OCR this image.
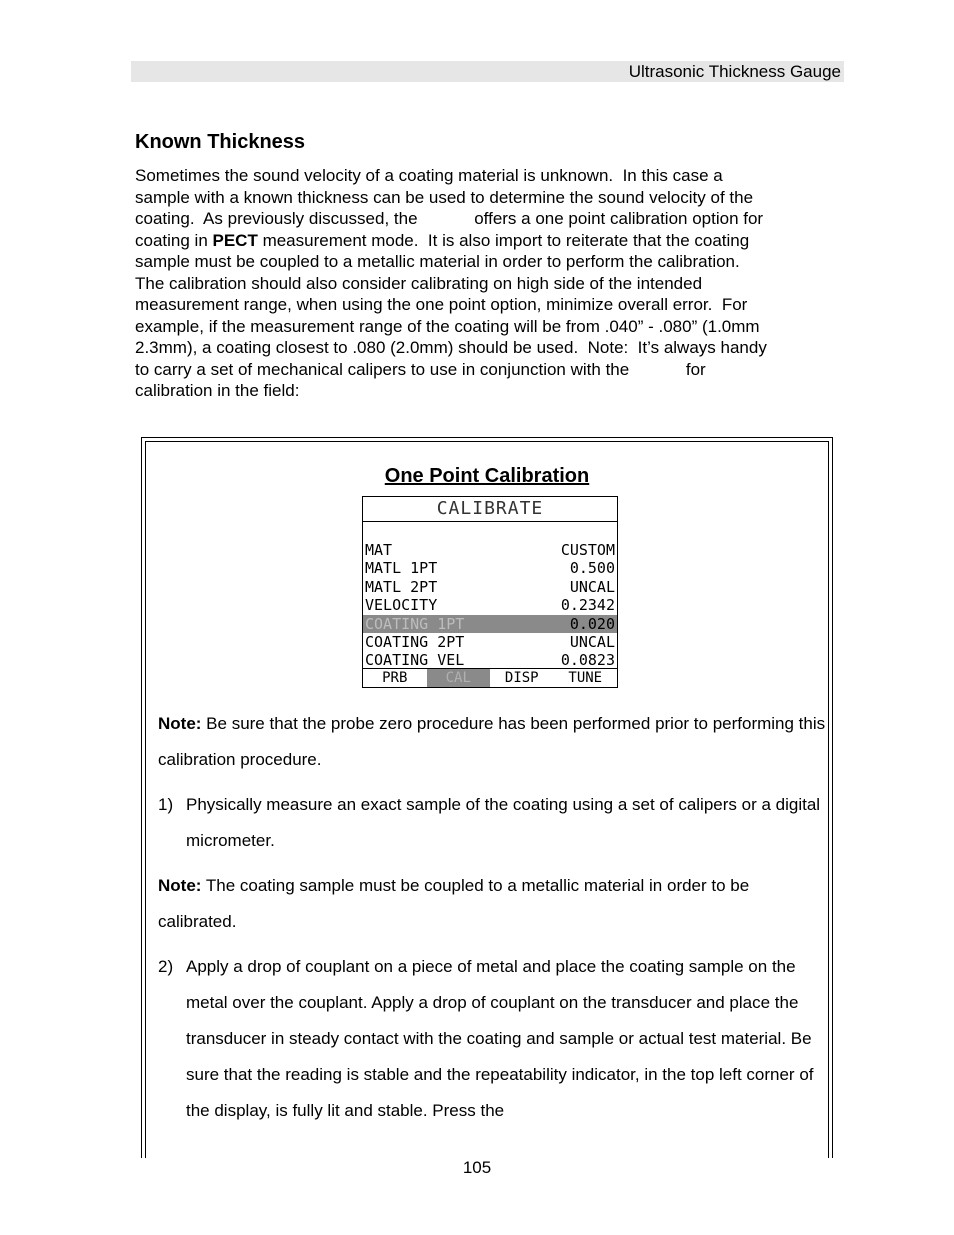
Ultrasonic Thickness Gauge
Known Thickness
Sometimes the sound velocity of a coating material is unknown.  In this case a
sample with a known thickness can be used to determine the sound velocity of the
coating.  As previously discussed, the            offers a one point calibration option for
coating in PECT measurement mode.  It is also import to reiterate that the coating
sample must be coupled to a metallic material in order to perform the calibration.
The calibration should also consider calibrating on high side of the intended
measurement range, when using the one point option, minimize overall error.  For
example, if the measurement range of the coating will be from .040” - .080” (1.0mm
2.3mm), a coating closest to .080 (2.0mm) should be used.  Note:  It’s always handy
to carry a set of mechanical calipers to use in conjunction with the            for
calibration in the field:
One Point Calibration
CALIBRATE
MAT	CUSTOM
MATL 1PT	0.500
MATL 2PT	UNCAL
VELOCITY	0.2342
COATING 1PT	0.020
COATING 2PT	UNCAL
COATING VEL	0.0823
PRB	CAL	DISP	TUNE
Note: Be sure that the probe zero procedure has been performed prior to performing this calibration procedure.
1) Physically measure an exact sample of the coating using a set of calipers or a digital micrometer.
Note: The coating sample must be coupled to a metallic material in order to be calibrated.
2) Apply a drop of couplant on a piece of metal and place the coating sample on the metal over the couplant. Apply a drop of couplant on the transducer and place the transducer in steady contact with the coating and sample or actual test material. Be sure that the reading is stable and the repeatability indicator, in the top left corner of the display, is fully lit and stable. Press the
105
